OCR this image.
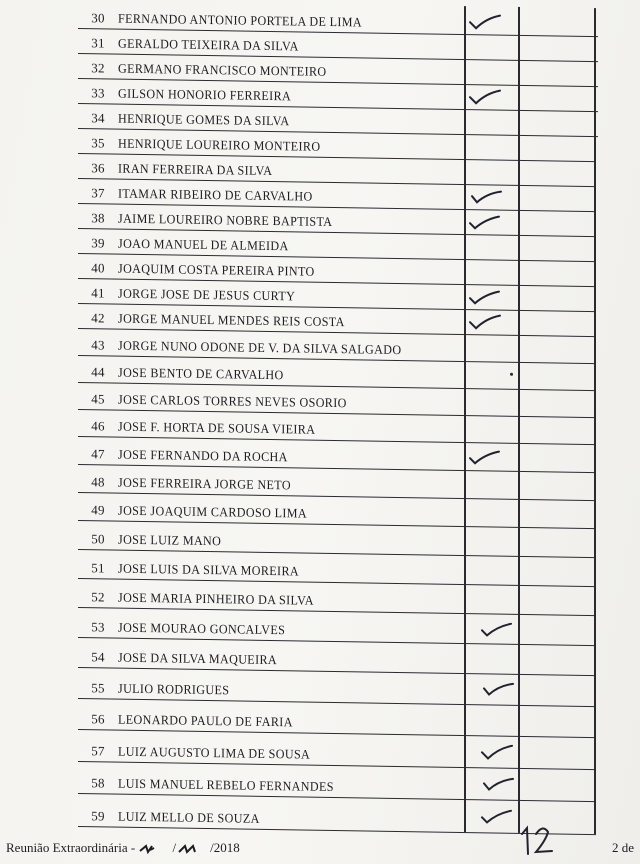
30	FERNANDO ANTONIO PORTELA DE LIMA
31	GERALDO TEIXEIRA DA SILVA
32	GERMANO FRANCISCO MONTEIRO
33	GILSON HONORIO FERREIRA
34	HENRIQUE GOMES DA SILVA
35	HENRIQUE LOUREIRO MONTEIRO
36	IRAN FERREIRA DA SILVA
37	ITAMAR RIBEIRO DE CARVALHO
38	JAIME LOUREIRO NOBRE BAPTISTA
39	JOAO MANUEL DE ALMEIDA
40	JOAQUIM COSTA PEREIRA PINTO
41	JORGE JOSE DE JESUS CURTY
42	JORGE MANUEL MENDES REIS COSTA
43	JORGE NUNO ODONE DE V. DA SILVA SALGADO
44	JOSE BENTO DE CARVALHO
45	JOSE CARLOS TORRES NEVES OSORIO
46	JOSE F. HORTA DE SOUSA VIEIRA
47	JOSE FERNANDO DA ROCHA
48	JOSE FERREIRA JORGE NETO
49	JOSE JOAQUIM CARDOSO LIMA
50	JOSE LUIZ MANO
51	JOSE LUIS DA SILVA MOREIRA
52	JOSE MARIA PINHEIRO DA SILVA
53	JOSE MOURAO GONCALVES
54	JOSE DA SILVA MAQUEIRA
55	JULIO RODRIGUES
56	LEONARDO PAULO DE FARIA
57	LUIZ AUGUSTO LIMA DE SOUSA
58	LUIS MANUEL REBELO FERNANDES
59	LUIZ MELLO DE SOUZA
Reunião Extraordinária -	/	/2018	2 de
12
